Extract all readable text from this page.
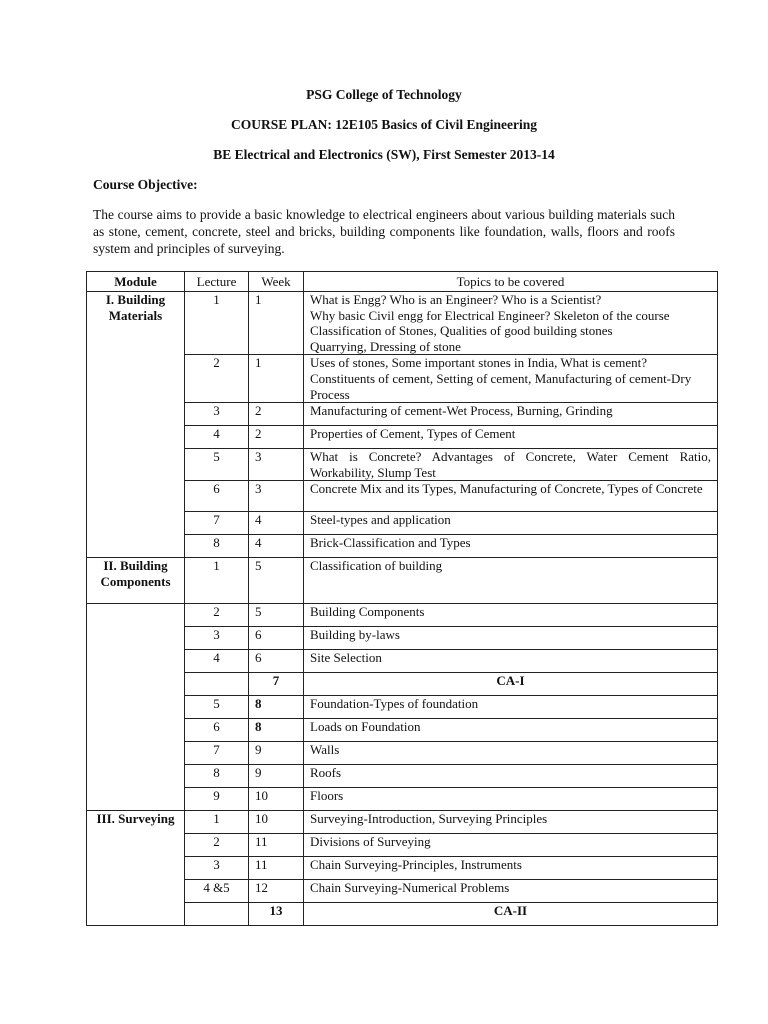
PSG College of Technology
COURSE PLAN: 12E105 Basics of Civil Engineering
BE Electrical and Electronics (SW), First Semester 2013-14
Course Objective:
The course aims to provide a basic knowledge to electrical engineers about various building materials such as stone, cement, concrete, steel and bricks, building components like foundation, walls, floors and roofs system and principles of surveying.
Module	Lecture	Week	Topics to be covered
I. Building Materials	1	1	What is Engg? Who is an Engineer? Who is a Scientist?
Why basic Civil engg for Electrical Engineer? Skeleton of the course
Classification of Stones, Qualities of good building stones
Quarrying, Dressing of stone

	2	1	Uses of stones, Some important stones in India, What is cement? Constituents of cement, Setting of cement, Manufacturing of cement-Dry Process

	3	2	Manufacturing of cement-Wet Process, Burning, Grinding

	4	2	Properties of Cement, Types of Cement

	5	3	What is Concrete? Advantages of Concrete, Water Cement Ratio, Workability, Slump Test

	6	3	Concrete Mix and its Types, Manufacturing of Concrete, Types of Concrete

	7	4	Steel-types and application

	8	4	Brick-Classification and Types

II. Building Components	1	5	Classification of building

	2	5	Building Components

	3	6	Building by-laws

	4	6	Site Selection

		7	CA-I
	5	8	Foundation-Types of foundation

	6	8	Loads on Foundation

	7	9	Walls

	8	9	Roofs

	9	10	Floors

III. Surveying	1	10	Surveying-Introduction, Surveying Principles

	2	11	Divisions of Surveying

	3	11	Chain Surveying-Principles, Instruments

	4 &5	12	Chain Surveying-Numerical Problems

		13	CA-II
